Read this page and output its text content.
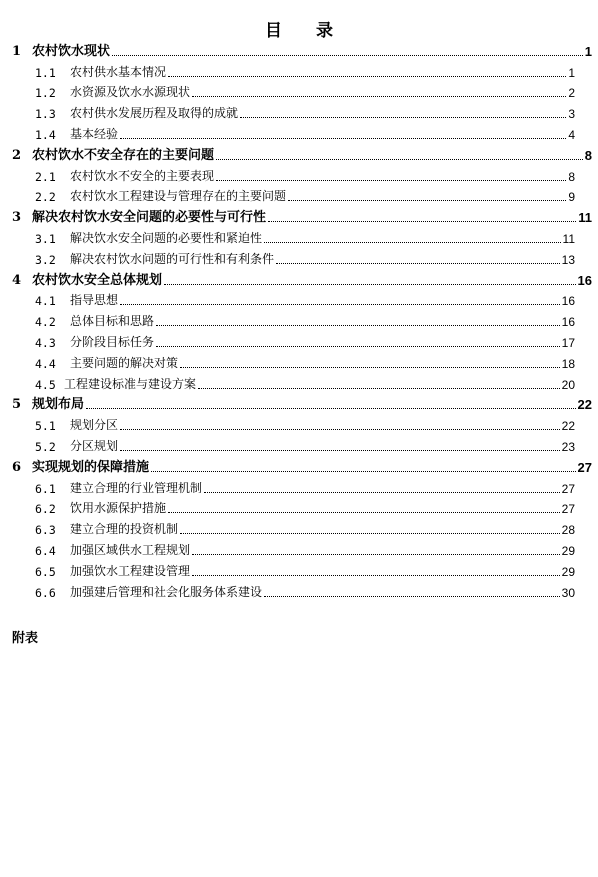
目 录
1 农村饮水现状	1
1.1	农村供水基本情况	1
1.2	水资源及饮水水源现状	2
1.3	农村供水发展历程及取得的成就	3
1.4	基本经验	4
2 农村饮水不安全存在的主要问题	8
2.1	农村饮水不安全的主要表现	8
2.2	农村饮水工程建设与管理存在的主要问题	9
3 解决农村饮水安全问题的必要性与可行性	11
3.1	解决饮水安全问题的必要性和紧迫性	11
3.2	解决农村饮水问题的可行性和有利条件	13
4 农村饮水安全总体规划	16
4.1	指导思想	16
4.2	总体目标和思路	16
4.3	分阶段目标任务	17
4.4	主要问题的解决对策	18
4.5 工程建设标准与建设方案	20
5 规划布局	22
5.1	规划分区	22
5.2	分区规划	23
6 实现规划的保障措施	27
6.1	建立合理的行业管理机制	27
6.2	饮用水源保护措施	27
6.3	建立合理的投资机制	28
6.4	加强区域供水工程规划	29
6.5	加强饮水工程建设管理	29
6.6	加强建后管理和社会化服务体系建设	30
附表
